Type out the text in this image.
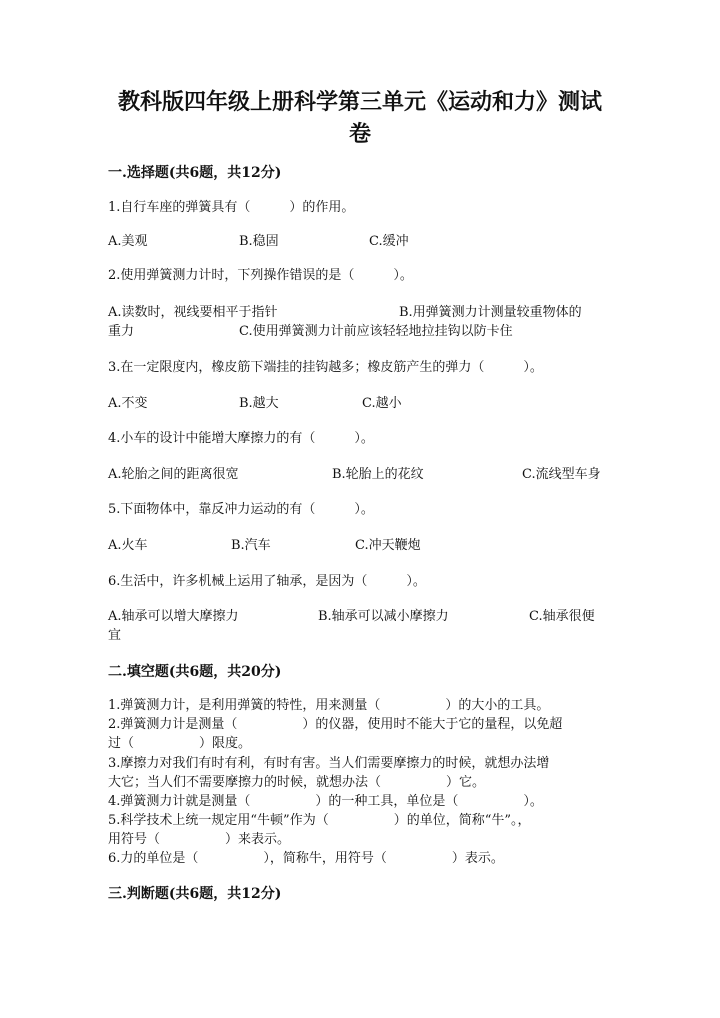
教科版四年级上册科学第三单元《运动和力》测试
卷
一.选择题(共6题，共12分)
1.自行车座的弹簧具有（　　　）的作用。
A.美观	B.稳固	C.缓冲
2.使用弹簧测力计时，下列操作错误的是（　　　）。
A.读数时，视线要相平于指针	B.用弹簧测力计测量较重物体的
重力	C.使用弹簧测力计前应该轻轻地拉挂钩以防卡住
3.在一定限度内，橡皮筋下端挂的挂钩越多；橡皮筋产生的弹力（　　　）。
A.不变	B.越大	C.越小
4.小车的设计中能增大摩擦力的有（　　　）。
A.轮胎之间的距离很宽	B.轮胎上的花纹	C.流线型车身
5.下面物体中，靠反冲力运动的有（　　　）。
A.火车	B.汽车	C.冲天鞭炮
6.生活中，许多机械上运用了轴承，是因为（　　　）。
A.轴承可以增大摩擦力	B.轴承可以减小摩擦力	C.轴承很便
宜
二.填空题(共6题，共20分)
1.弹簧测力计，是利用弹簧的特性，用来测量（　　　　　）的大小的工具。
2.弹簧测力计是测量（　　　　　）的仪器，使用时不能大于它的量程，以免超
过（　　　　　）限度。
3.摩擦力对我们有时有利，有时有害。当人们需要摩擦力的时候，就想办法增
大它；当人们不需要摩擦力的时候，就想办法（　　　　　）它。
4.弹簧测力计就是测量（　　　　　）的一种工具，单位是（　　　　　）。
5.科学技术上统一规定用“牛顿”作为（　　　　　）的单位，简称“牛”。，
用符号（　　　　　）来表示。
6.力的单位是（　　　　　），简称牛，用符号（　　　　　）表示。
三.判断题(共6题，共12分)
